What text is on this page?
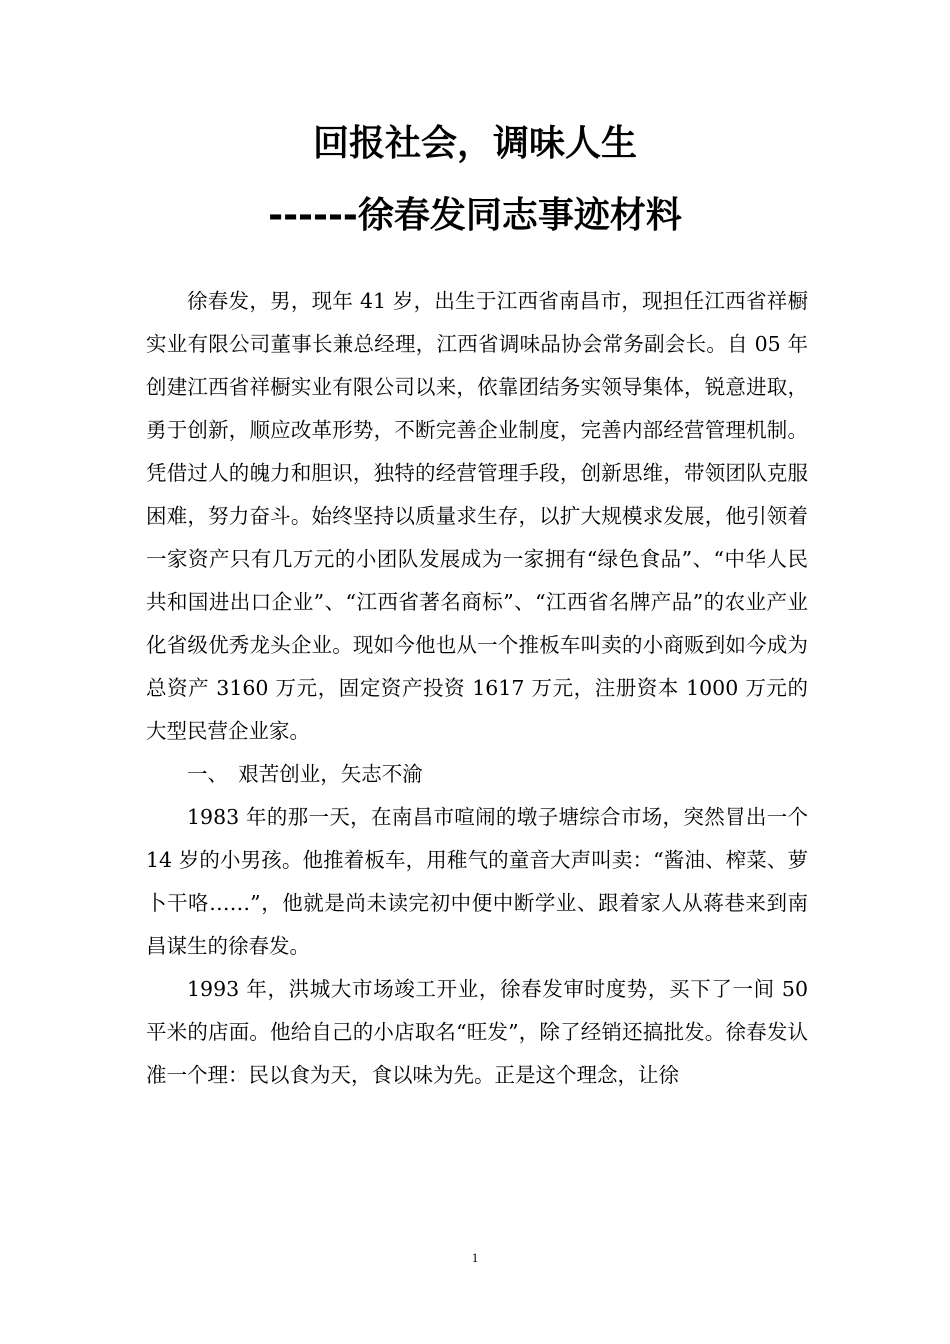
回报社会，调味人生
------徐春发同志事迹材料

徐春发，男，现年 41 岁，出生于江西省南昌市，现担任江西省祥橱实业有限公司董事长兼总经理，江西省调味品协会常务副会长。自 05 年创建江西省祥橱实业有限公司以来，依靠团结务实领导集体，锐意进取，勇于创新，顺应改革形势，不断完善企业制度，完善内部经营管理机制。凭借过人的魄力和胆识，独特的经营管理手段，创新思维，带领团队克服困难，努力奋斗。始终坚持以质量求生存，以扩大规模求发展，他引领着一家资产只有几万元的小团队发展成为一家拥有“绿色食品”、“中华人民共和国进出口企业”、“江西省著名商标”、“江西省名牌产品”的农业产业化省级优秀龙头企业。现如今他也从一个推板车叫卖的小商贩到如今成为总资产 3160 万元，固定资产投资 1617 万元，注册资本 1000 万元的大型民营企业家。

一、　艰苦创业，矢志不渝

1983 年的那一天，在南昌市喧闹的墩子塘综合市场，突然冒出一个 14 岁的小男孩。他推着板车，用稚气的童音大声叫卖：“酱油、榨菜、萝卜干咯……”，他就是尚未读完初中便中断学业、跟着家人从蒋巷来到南昌谋生的徐春发。

1993 年，洪城大市场竣工开业，徐春发审时度势，买下了一间 50 平米的店面。他给自己的小店取名“旺发”，除了经销还搞批发。徐春发认准一个理：民以食为天，食以味为先。正是这个理念，让徐

1
